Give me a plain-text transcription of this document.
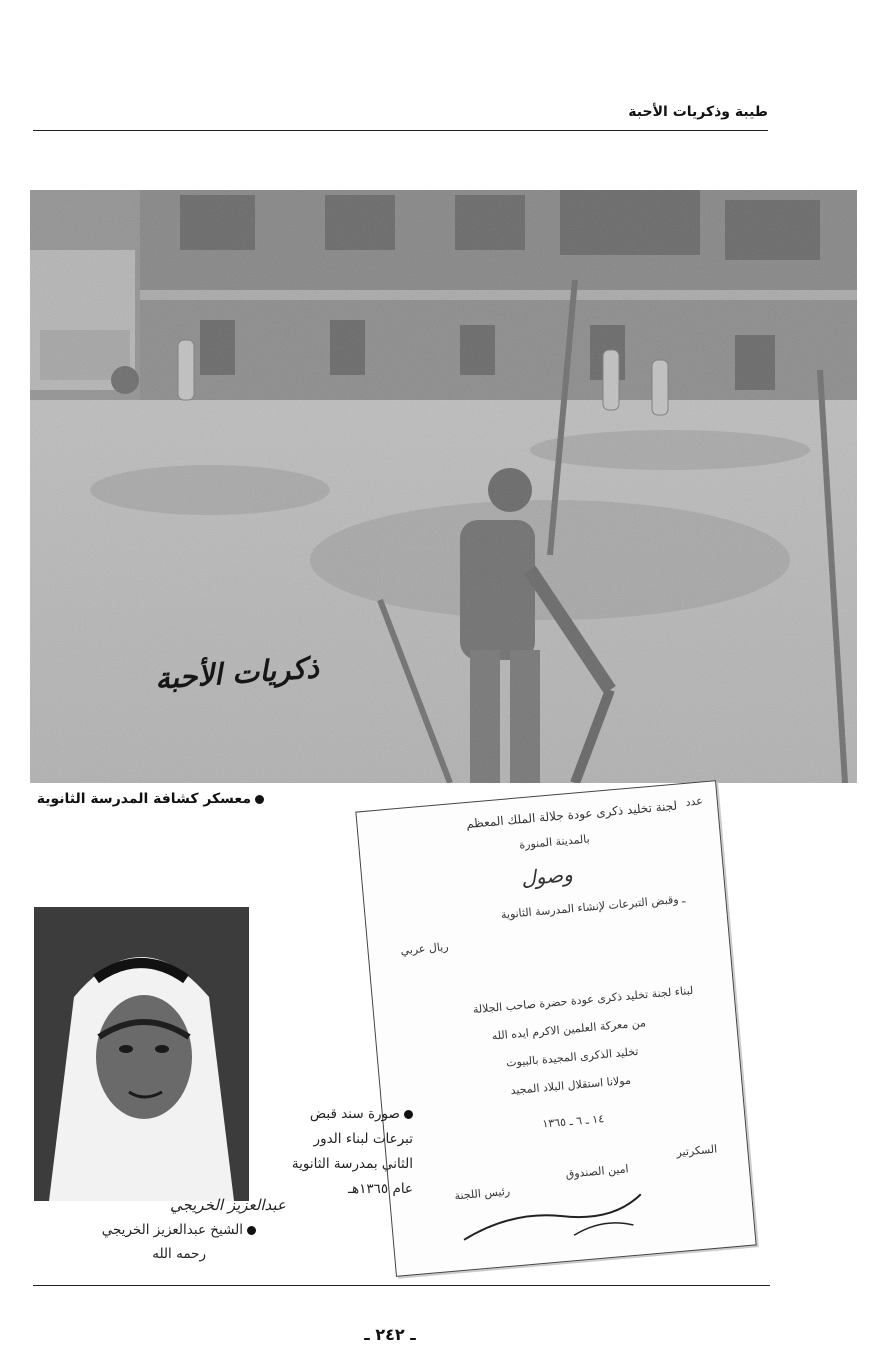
طيبة وذكريات الأحبة
ذكريات الأحبة
معسكر كشافة المدرسة الثانوية	عدد
لجنة تخليد ذكرى عودة جلالة الملك المعظم
بالمدينة المنورة
وصول
ـ وقبض التبرعات لإنشاء المدرسة الثانوية
ريال عربي
لبناء لجنة تخليد ذكرى عودة حضرة صاحب الجلالة
من معركة العلمين الاكرم ايده الله
تخليد الذكرى المجيدة بالبيوت
مولانا استقلال البلاد المجيد
١٤ ـ ٦ ـ ١٣٦٥
السكرتير
امين الصندوق
رئيس اللجنة
صورة سند قبض
تبرعات لبناء الدور
الثاني بمدرسة الثانوية
عام ١٣٦٥هـ
عبدالعزيز الخريجي
الشيخ عبدالعزيز الخريجي
رحمه الله
ـ ٢٤٢ ـ
